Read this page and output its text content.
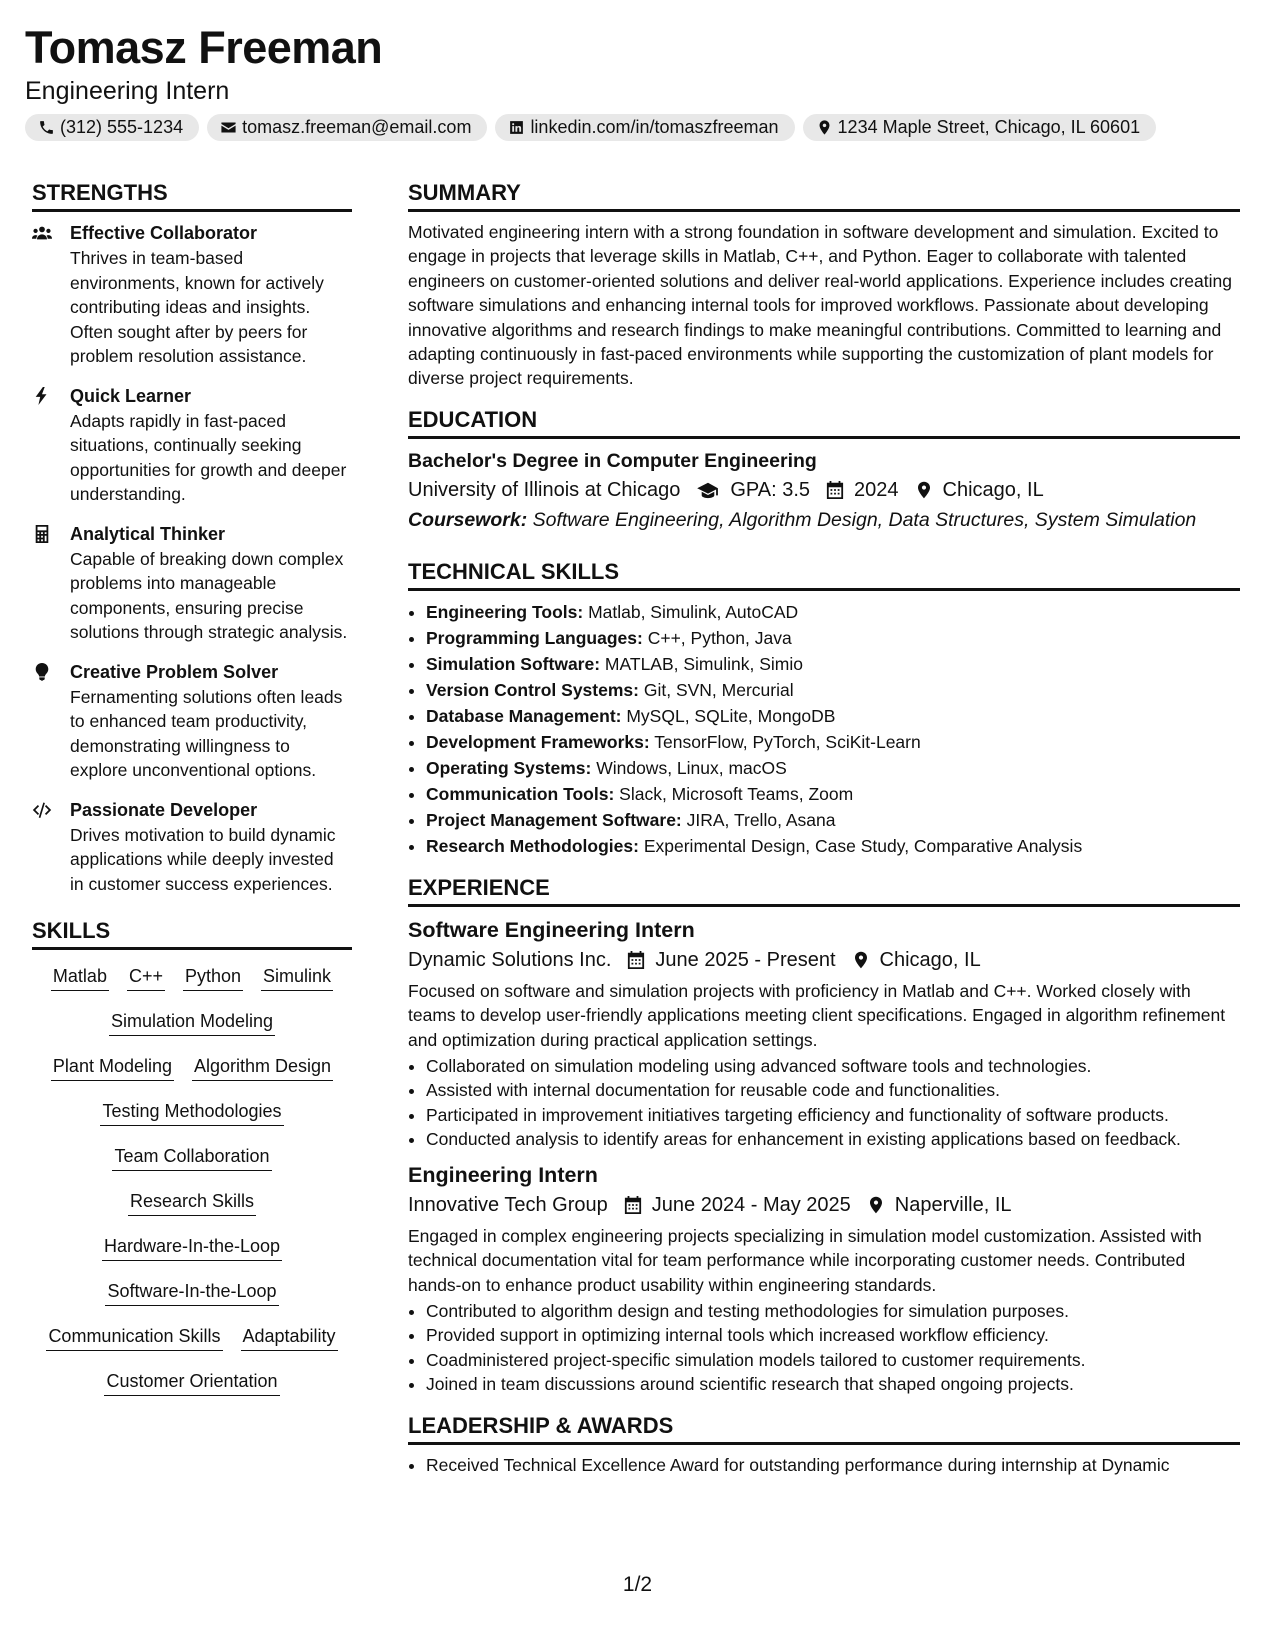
Tomasz Freeman
Engineering Intern
(312) 555-1234	tomasz.freeman@email.com	linkedin.com/in/tomaszfreeman	1234 Maple Street, Chicago, IL 60601
STRENGTHS
Effective Collaborator
Thrives in team-based environments, known for actively contributing ideas and insights. Often sought after by peers for problem resolution assistance.
Quick Learner
Adapts rapidly in fast-paced situations, continually seeking opportunities for growth and deeper understanding.
Analytical Thinker
Capable of breaking down complex problems into manageable components, ensuring precise solutions through strategic analysis.
Creative Problem Solver
Fernamenting solutions often leads to enhanced team productivity, demonstrating willingness to explore unconventional options.
Passionate Developer
Drives motivation to build dynamic applications while deeply invested in customer success experiences.
SKILLS
Matlab C++ Python Simulink
Simulation Modeling
Plant Modeling Algorithm Design
Testing Methodologies
Team Collaboration
Research Skills
Hardware-In-the-Loop
Software-In-the-Loop
Communication Skills Adaptability
Customer Orientation
SUMMARY
Motivated engineering intern with a strong foundation in software development and simulation. Excited to engage in projects that leverage skills in Matlab, C++, and Python. Eager to collaborate with talented engineers on customer-oriented solutions and deliver real-world applications. Experience includes creating software simulations and enhancing internal tools for improved workflows. Passionate about developing innovative algorithms and research findings to make meaningful contributions. Committed to learning and adapting continuously in fast-paced environments while supporting the customization of plant models for diverse project requirements.
EDUCATION
Bachelor's Degree in Computer Engineering
University of Illinois at Chicago	GPA: 3.5 2024 Chicago, IL
Coursework: Software Engineering, Algorithm Design, Data Structures, System Simulation
TECHNICAL SKILLS
• Engineering Tools: Matlab, Simulink, AutoCAD
• Programming Languages: C++, Python, Java
• Simulation Software: MATLAB, Simulink, Simio
• Version Control Systems: Git, SVN, Mercurial
• Database Management: MySQL, SQLite, MongoDB
• Development Frameworks: TensorFlow, PyTorch, SciKit-Learn
• Operating Systems: Windows, Linux, macOS
• Communication Tools: Slack, Microsoft Teams, Zoom
• Project Management Software: JIRA, Trello, Asana
• Research Methodologies: Experimental Design, Case Study, Comparative Analysis
EXPERIENCE
Software Engineering Intern
Dynamic Solutions Inc. June 2025 - Present Chicago, IL
Focused on software and simulation projects with proficiency in Matlab and C++. Worked closely with teams to develop user-friendly applications meeting client specifications. Engaged in algorithm refinement and optimization during practical application settings.
• Collaborated on simulation modeling using advanced software tools and technologies.
• Assisted with internal documentation for reusable code and functionalities.
• Participated in improvement initiatives targeting efficiency and functionality of software products.
• Conducted analysis to identify areas for enhancement in existing applications based on feedback.
Engineering Intern
Innovative Tech Group June 2024 - May 2025 Naperville, IL
Engaged in complex engineering projects specializing in simulation model customization. Assisted with technical documentation vital for team performance while incorporating customer needs. Contributed hands-on to enhance product usability within engineering standards.
• Contributed to algorithm design and testing methodologies for simulation purposes.
• Provided support in optimizing internal tools which increased workflow efficiency.
• Coadministered project-specific simulation models tailored to customer requirements.
• Joined in team discussions around scientific research that shaped ongoing projects.
LEADERSHIP & AWARDS
• Received Technical Excellence Award for outstanding performance during internship at Dynamic
1/2
